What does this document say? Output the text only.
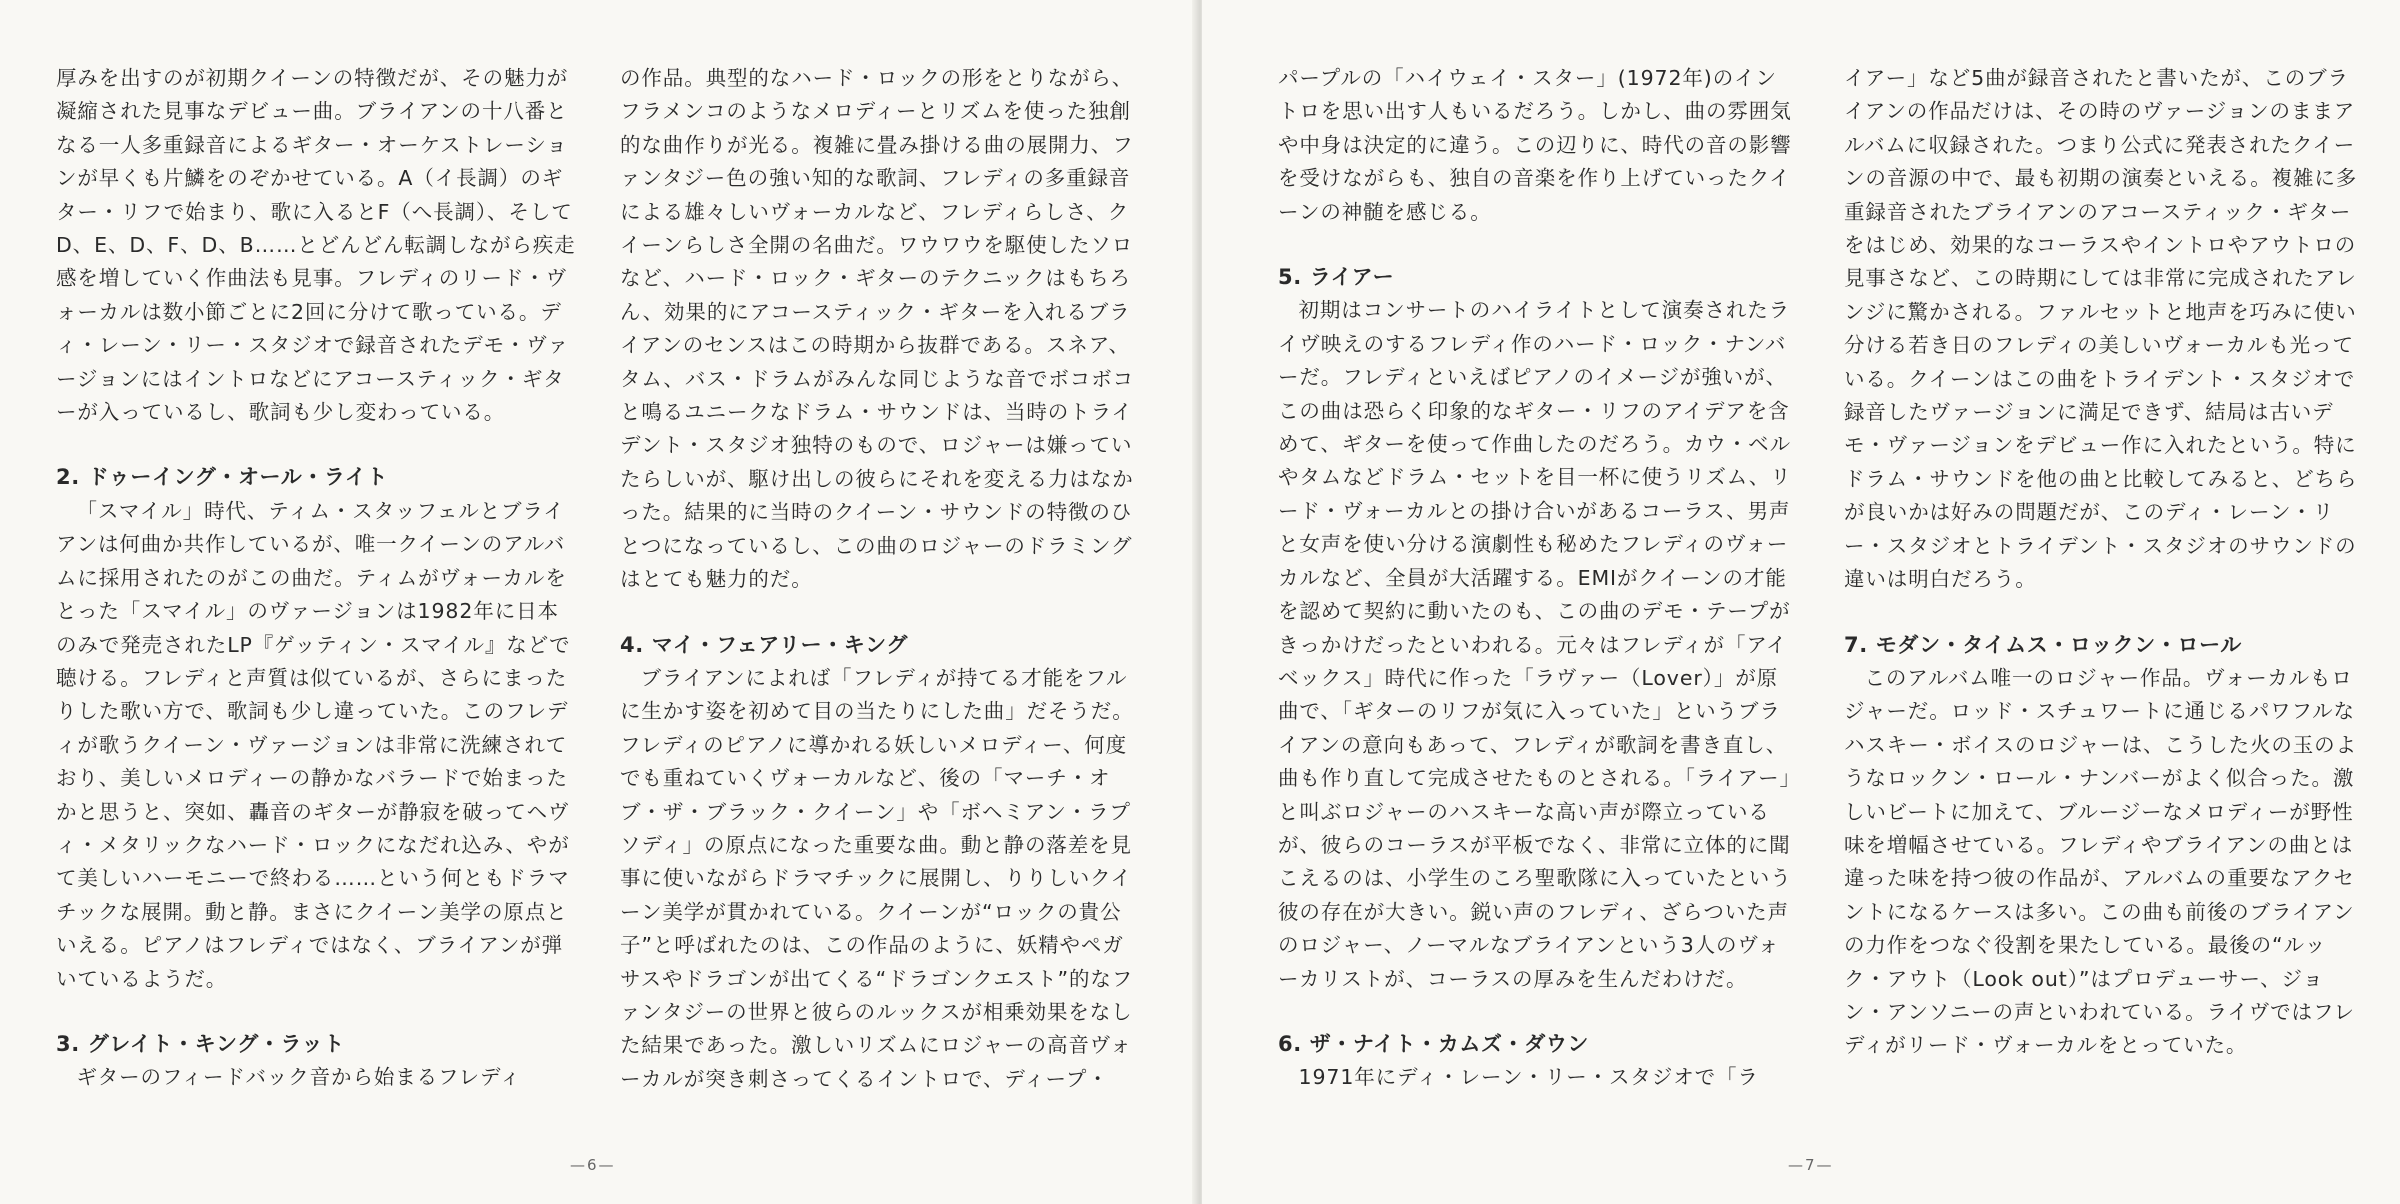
厚みを出すのが初期クイーンの特徴だが、その魅力が凝縮された見事なデビュー曲。ブライアンの十八番となる一人多重録音によるギター・オーケストレーションが早くも片鱗をのぞかせている。A（イ長調）のギター・リフで始まり、歌に入るとF（へ長調）、そしてD、E、D、F、D、B……とどんどん転調しながら疾走感を増していく作曲法も見事。フレディのリード・ヴォーカルは数小節ごとに2回に分けて歌っている。ディ・レーン・リー・スタジオで録音されたデモ・ヴァージョンにはイントロなどにアコースティック・ギターが入っているし、歌詞も少し変わっている。

2. ドゥーイング・オール・ライト

「スマイル」時代、ティム・スタッフェルとブライアンは何曲か共作しているが、唯一クイーンのアルバムに採用されたのがこの曲だ。ティムがヴォーカルをとった「スマイル」のヴァージョンは1982年に日本のみで発売されたLP『ゲッティン・スマイル』などで聴ける。フレディと声質は似ているが、さらにまったりした歌い方で、歌詞も少し違っていた。このフレディが歌うクイーン・ヴァージョンは非常に洗練されており、美しいメロディーの静かなバラードで始まったかと思うと、突如、轟音のギターが静寂を破ってヘヴィ・メタリックなハード・ロックになだれ込み、やがて美しいハーモニーで終わる……という何ともドラマチックな展開。動と静。まさにクイーン美学の原点といえる。ピアノはフレディではなく、ブライアンが弾いているようだ。

3. グレイト・キング・ラット

ギターのフィードバック音から始まるフレディ

の作品。典型的なハード・ロックの形をとりながら、フラメンコのようなメロディーとリズムを使った独創的な曲作りが光る。複雑に畳み掛ける曲の展開力、ファンタジー色の強い知的な歌詞、フレディの多重録音による雄々しいヴォーカルなど、フレディらしさ、クイーンらしさ全開の名曲だ。ワウワウを駆使したソロなど、ハード・ロック・ギターのテクニックはもちろん、効果的にアコースティック・ギターを入れるブライアンのセンスはこの時期から抜群である。スネア、タム、バス・ドラムがみんな同じような音でボコボコと鳴るユニークなドラム・サウンドは、当時のトライデント・スタジオ独特のもので、ロジャーは嫌っていたらしいが、駆け出しの彼らにそれを変える力はなかった。結果的に当時のクイーン・サウンドの特徴のひとつになっているし、この曲のロジャーのドラミングはとても魅力的だ。

4. マイ・フェアリー・キング

ブライアンによれば「フレディが持てる才能をフルに生かす姿を初めて目の当たりにした曲」だそうだ。フレディのピアノに導かれる妖しいメロディー、何度でも重ねていくヴォーカルなど、後の「マーチ・オブ・ザ・ブラック・クイーン」や「ボヘミアン・ラプソディ」の原点になった重要な曲。動と静の落差を見事に使いながらドラマチックに展開し、りりしいクイーン美学が貫かれている。クイーンが“ロックの貴公子”と呼ばれたのは、この作品のように、妖精やペガサスやドラゴンが出てくる“ドラゴンクエスト”的なファンタジーの世界と彼らのルックスが相乗効果をなした結果であった。激しいリズムにロジャーの高音ヴォーカルが突き刺さってくるイントロで、ディープ・

—6—

パープルの「ハイウェイ・スター」(1972年)のイントロを思い出す人もいるだろう。しかし、曲の雰囲気や中身は決定的に違う。この辺りに、時代の音の影響を受けながらも、独自の音楽を作り上げていったクイーンの神髄を感じる。

5. ライアー

初期はコンサートのハイライトとして演奏されたライヴ映えのするフレディ作のハード・ロック・ナンバーだ。フレディといえばピアノのイメージが強いが、この曲は恐らく印象的なギター・リフのアイデアを含めて、ギターを使って作曲したのだろう。カウ・ベルやタムなどドラム・セットを目一杯に使うリズム、リード・ヴォーカルとの掛け合いがあるコーラス、男声と女声を使い分ける演劇性も秘めたフレディのヴォーカルなど、全員が大活躍する。EMIがクイーンの才能を認めて契約に動いたのも、この曲のデモ・テープがきっかけだったといわれる。元々はフレディが「アイベックス」時代に作った「ラヴァー（Lover）」が原曲で、「ギターのリフが気に入っていた」というブライアンの意向もあって、フレディが歌詞を書き直し、曲も作り直して完成させたものとされる。「ライアー」と叫ぶロジャーのハスキーな高い声が際立っているが、彼らのコーラスが平板でなく、非常に立体的に聞こえるのは、小学生のころ聖歌隊に入っていたという彼の存在が大きい。鋭い声のフレディ、ざらついた声のロジャー、ノーマルなブライアンという3人のヴォーカリストが、コーラスの厚みを生んだわけだ。

6. ザ・ナイト・カムズ・ダウン

1971年にディ・レーン・リー・スタジオで「ラ

イアー」など5曲が録音されたと書いたが、このブライアンの作品だけは、その時のヴァージョンのままアルバムに収録された。つまり公式に発表されたクイーンの音源の中で、最も初期の演奏といえる。複雑に多重録音されたブライアンのアコースティック・ギターをはじめ、効果的なコーラスやイントロやアウトロの見事さなど、この時期にしては非常に完成されたアレンジに驚かされる。ファルセットと地声を巧みに使い分ける若き日のフレディの美しいヴォーカルも光っている。クイーンはこの曲をトライデント・スタジオで録音したヴァージョンに満足できず、結局は古いデモ・ヴァージョンをデビュー作に入れたという。特にドラム・サウンドを他の曲と比較してみると、どちらが良いかは好みの問題だが、このディ・レーン・リー・スタジオとトライデント・スタジオのサウンドの違いは明白だろう。

7. モダン・タイムス・ロックン・ロール

このアルバム唯一のロジャー作品。ヴォーカルもロジャーだ。ロッド・スチュワートに通じるパワフルなハスキー・ボイスのロジャーは、こうした火の玉のようなロックン・ロール・ナンバーがよく似合った。激しいビートに加えて、ブルージーなメロディーが野性味を増幅させている。フレディやブライアンの曲とは違った味を持つ彼の作品が、アルバムの重要なアクセントになるケースは多い。この曲も前後のブライアンの力作をつなぐ役割を果たしている。最後の“ルック・アウト（Look out）”はプロデューサー、ジョン・アンソニーの声といわれている。ライヴではフレディがリード・ヴォーカルをとっていた。

—7—
